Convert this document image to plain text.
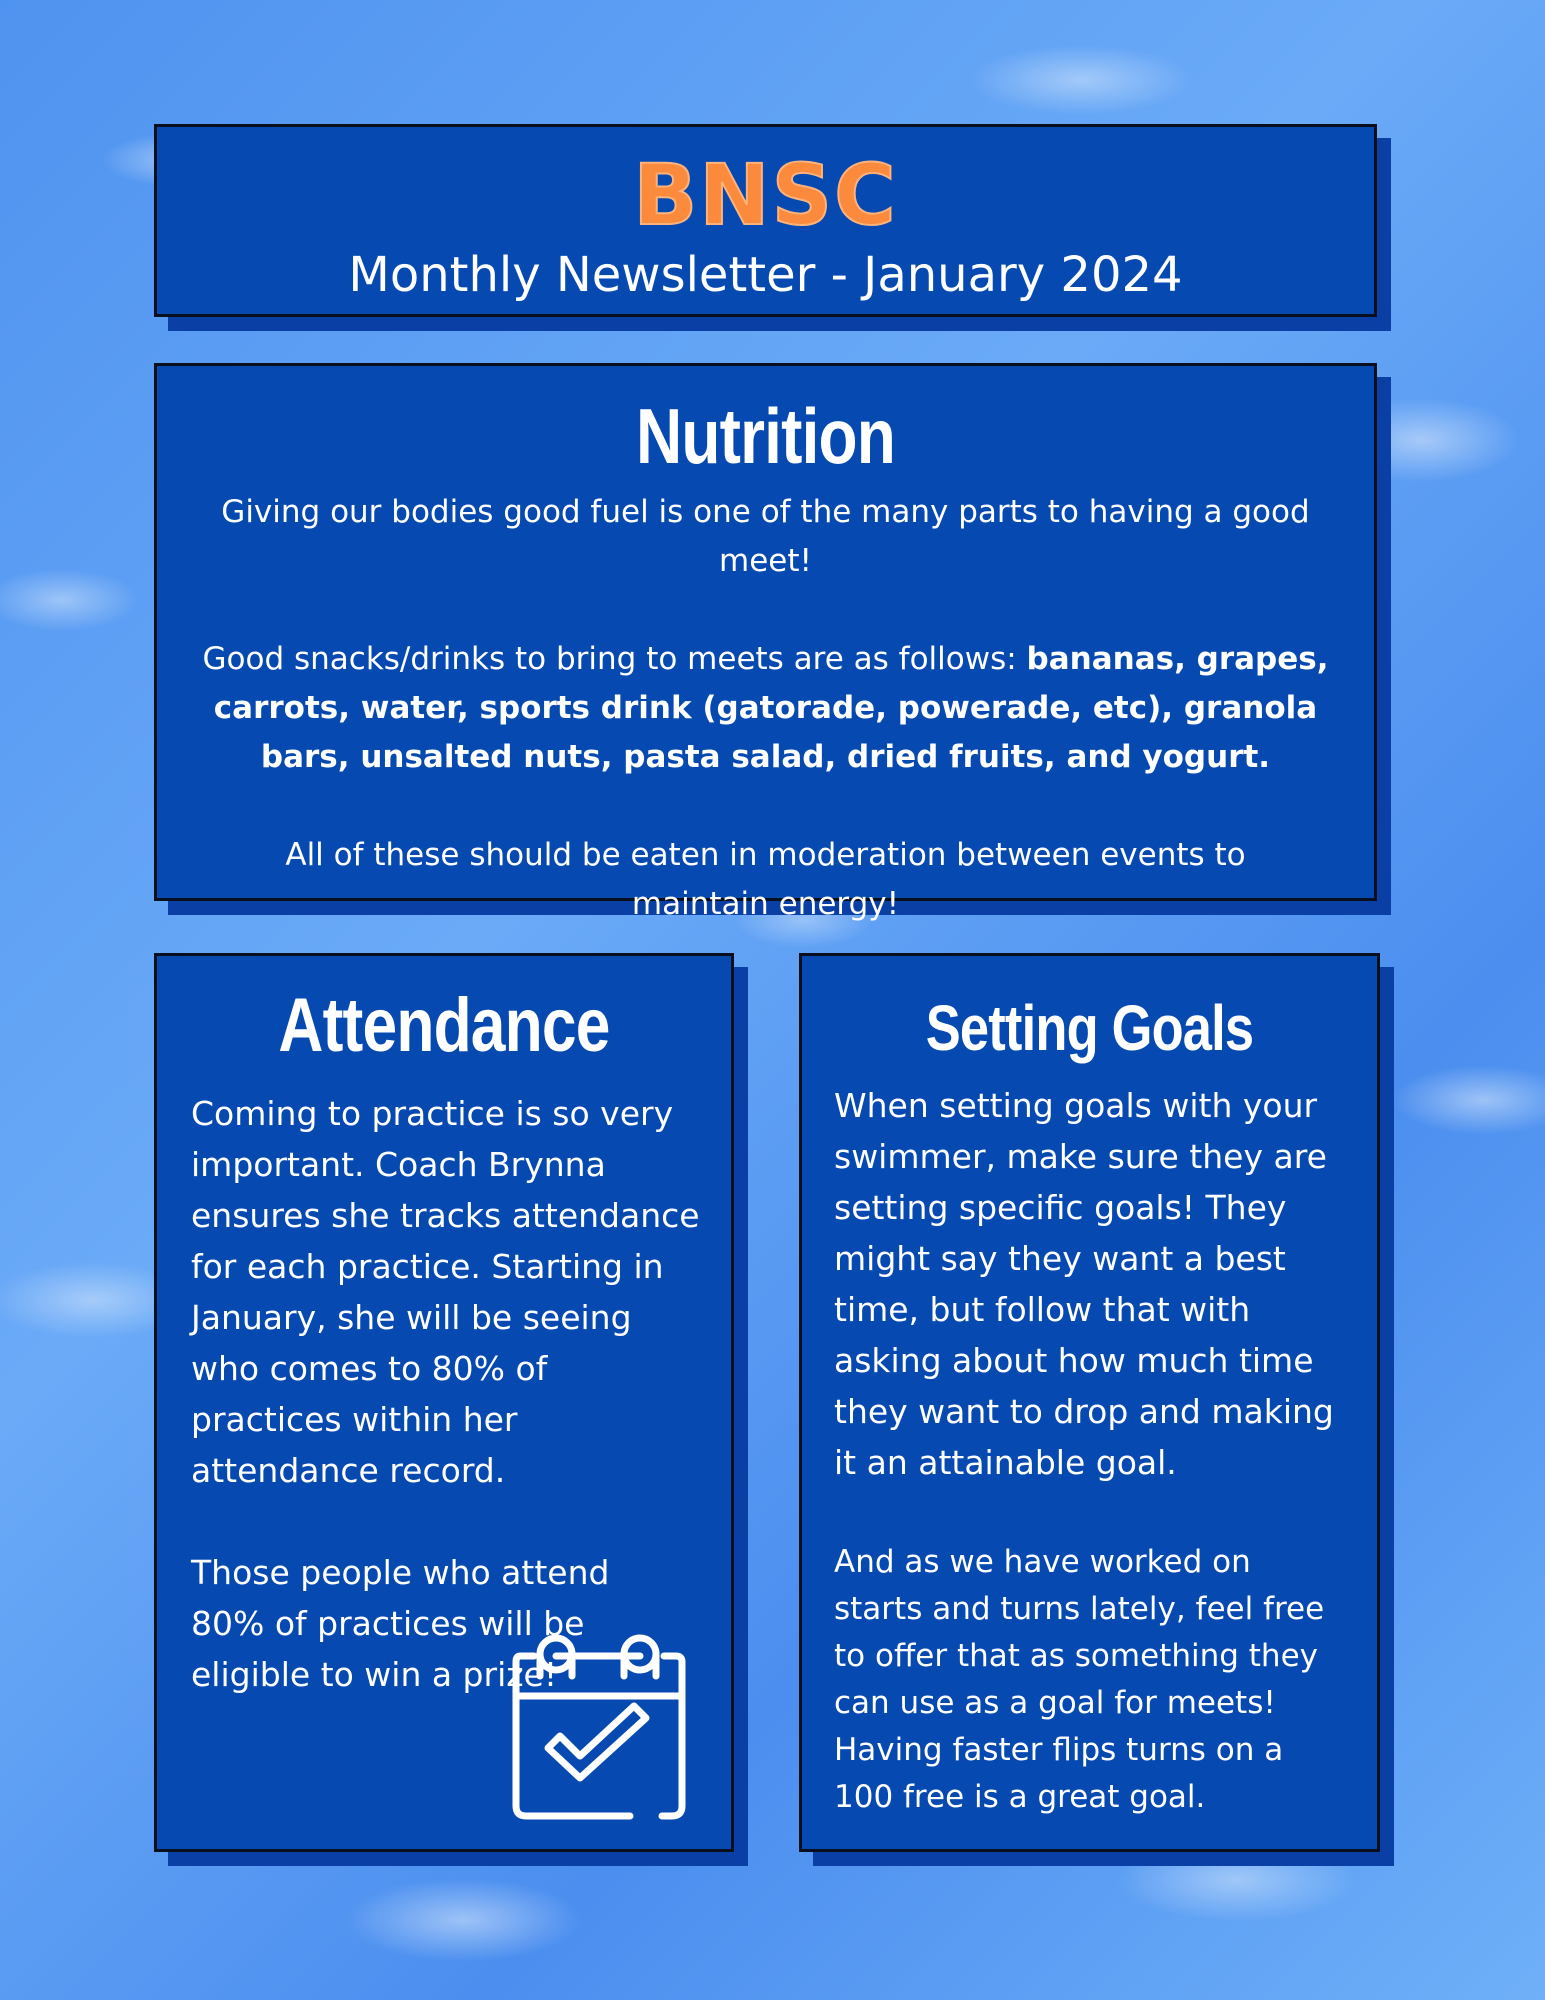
BNSC
Monthly Newsletter - January 2024
Nutrition
Giving our bodies good fuel is one of the many parts to having a good meet!
Good snacks/drinks to bring to meets are as follows: bananas, grapes, carrots, water, sports drink (gatorade, powerade, etc), granola bars, unsalted nuts, pasta salad, dried fruits, and yogurt.
All of these should be eaten in moderation between events to maintain energy!
Attendance
Coming to practice is so very important. Coach Brynna ensures she tracks attendance for each practice. Starting in January, she will be seeing who comes to 80% of practices within her attendance record.
Those people who attend 80% of practices will be eligible to win a prize!
Setting Goals
When setting goals with your swimmer, make sure they are setting specific goals! They might say they want a best time, but follow that with asking about how much time they want to drop and making it an attainable goal.
And as we have worked on starts and turns lately, feel free to offer that as something they can use as a goal for meets! Having faster flips turns on a 100 free is a great goal.
